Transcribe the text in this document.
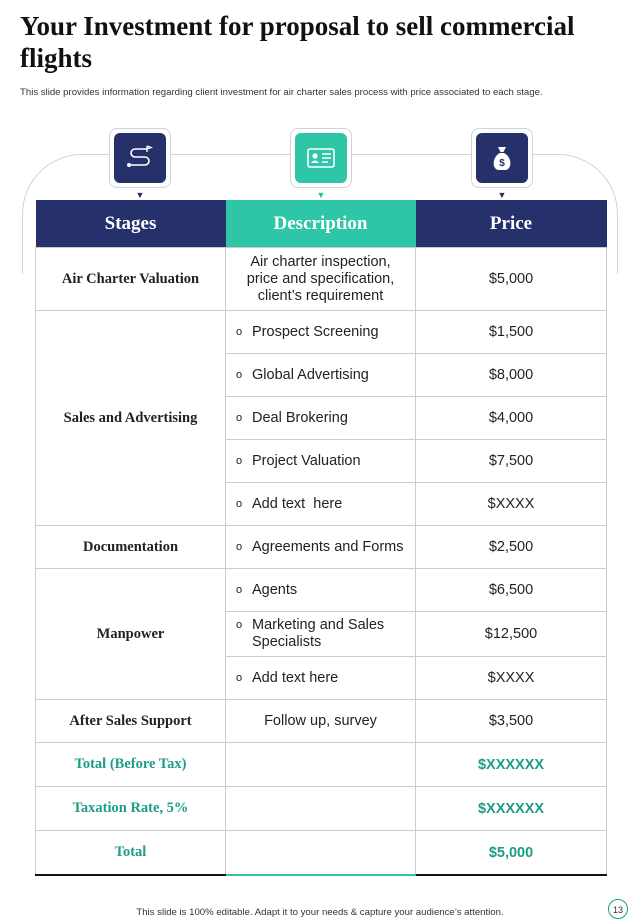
Your Investment for proposal to sell commercial flights
This slide provides information regarding client investment for air charter sales process with price associated to each stage.
$
▼	▼	▼
Stages	Description	Price
Air Charter Valuation	Air charter inspection, price and specification, client’s requirement	$5,000
Sales and Advertising	o Prospect Screening	$1,500

	o Global Advertising	$8,000

	o Deal Brokering	$4,000

	o Project Valuation	$7,500

	o Add text  here	$XXXX
Documentation	o Agreements and Forms	$2,500
Manpower	o Agents	$6,500

	o Marketing and Sales Specialists	$12,500

	o Add text here	$XXXX
After Sales Support	Follow up, survey	$3,500
Total (Before Tax)		$XXXXXX
Taxation Rate, 5%		$XXXXXX
Total		$5,000
This slide is 100% editable. Adapt it to your needs & capture your audience’s attention.	13
